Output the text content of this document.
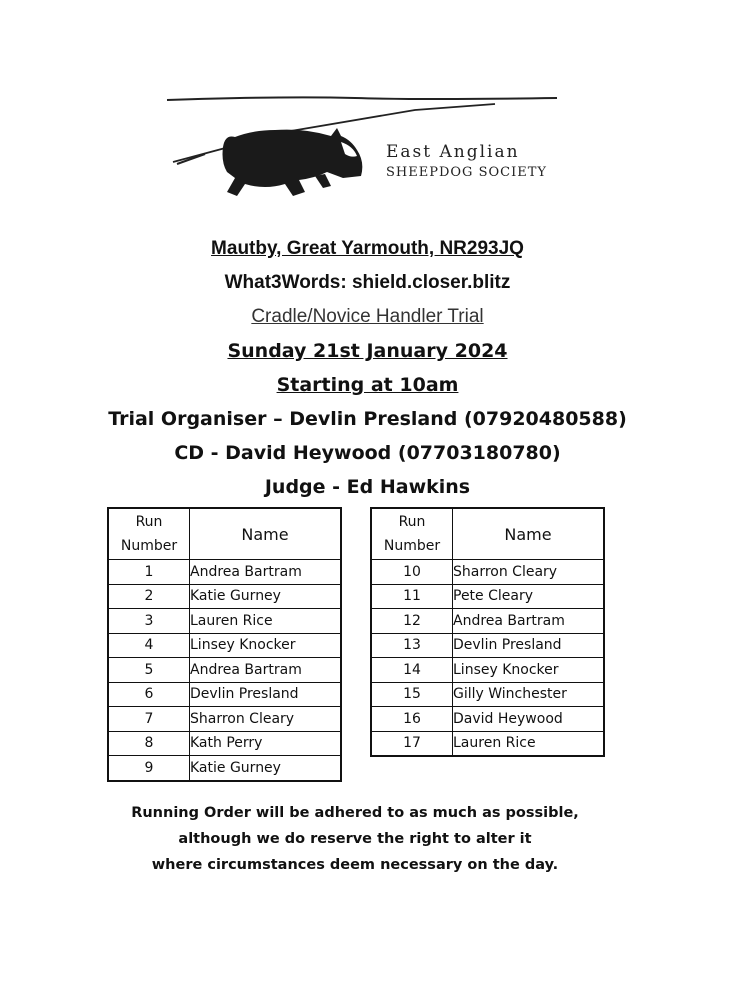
East Anglian
SHEEPDOG SOCIETY
Mautby, Great Yarmouth, NR293JQ
What3Words: shield.closer.blitz
Cradle/Novice Handler Trial
Sunday 21st January 2024
Starting at 10am
Trial Organiser – Devlin Presland (07920480588)
CD - David Heywood (07703180780)
Judge - Ed Hawkins
Run
Number	Name
1	Andrea Bartram
2	Katie Gurney
3	Lauren Rice
4	Linsey Knocker
5	Andrea Bartram
6	Devlin Presland
7	Sharron Cleary
8	Kath Perry
9	Katie Gurney
Run
Number	Name
10	Sharron Cleary
11	Pete Cleary
12	Andrea Bartram
13	Devlin Presland
14	Linsey Knocker
15	Gilly Winchester
16	David Heywood
17	Lauren Rice
Running Order will be adhered to as much as possible,
although we do reserve the right to alter it
where circumstances deem necessary on the day.
